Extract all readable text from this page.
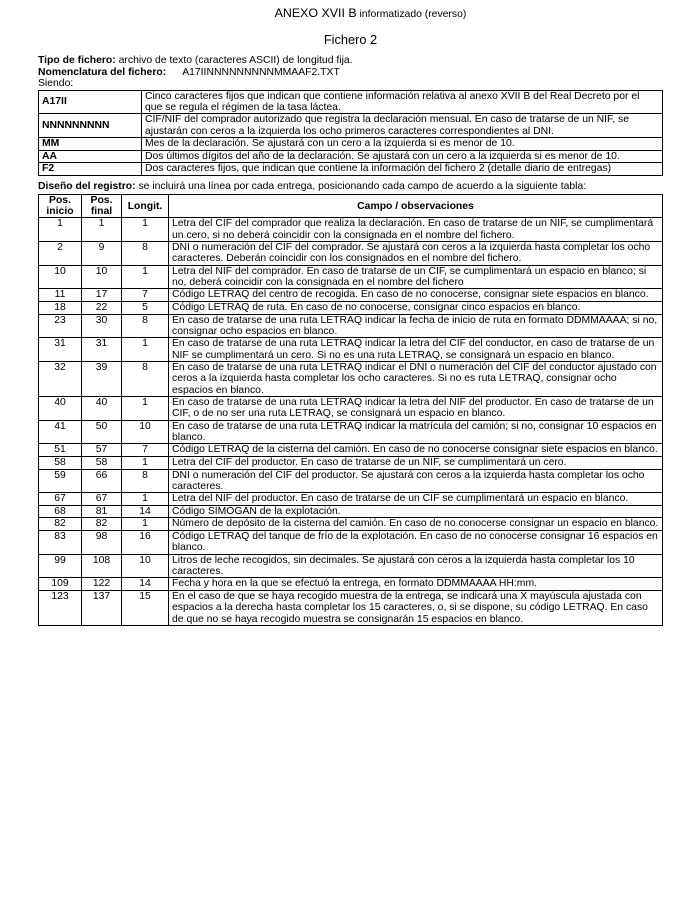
ANEXO XVII B informatizado (reverso)
Fichero 2

Tipo de fichero: archivo de texto (caracteres ASCII) de longitud fija.

Nomenclatura del fichero: A17IINNNNNNNNNMMAAF2.TXT

Siendo:

A17II	Cinco caracteres fijos que indican que contiene información relativa al anexo XVII B del Real Decreto por el que se regula el régimen de la tasa láctea.
NNNNNNNNN	CIF/NIF del comprador autorizado que registra la declaración mensual. En caso de tratarse de un NIF, se ajustarán con ceros a la izquierda los ocho primeros caracteres correspondientes al DNI.
MM	Mes de la declaración. Se ajustará con un cero a la izquierda si es menor de 10.
AA	Dos últimos dígitos del año de la declaración. Se ajustará con un cero a la izquierda si es menor de 10.
F2	Dos caracteres fijos, que indican que contiene la información del fichero 2 (detalle diario de entregas)

Diseño del registro: se incluirá una línea por cada entrega, posicionando cada campo de acuerdo a la siguiente tabla:

Pos. inicio	Pos. final	Longit.	Campo / observaciones
1	1	1	Letra del CIF del comprador que realiza la declaración. En caso de tratarse de un NIF, se cumplimentará un cero, si no deberá coincidir con la consignada en el nombre del fichero.
2	9	8	DNI o numeración del CIF del comprador. Se ajustará con ceros a la izquierda hasta completar los ocho caracteres. Deberán coincidir con los consignados en el nombre del fichero.
10	10	1	Letra del NIF del comprador. En caso de tratarse de un CIF, se cumplimentará un espacio en blanco; si no, deberá coincidir con la consignada en el nombre del fichero
11	17	7	Código LETRAQ del centro de recogida. En caso de no conocerse, consignar siete espacios en blanco.
18	22	5	Código LETRAQ de ruta. En caso de no conocerse, consignar cinco espacios en blanco.
23	30	8	En caso de tratarse de una ruta LETRAQ indicar la fecha de inicio de ruta en formato DDMMAAAA; si no, consignar ocho espacios en blanco.
31	31	1	En caso de tratarse de una ruta LETRAQ indicar la letra del CIF del conductor, en caso de tratarse de un NIF se cumplimentará un cero. Si no es una ruta LETRAQ, se consignará un espacio en blanco.
32	39	8	En caso de tratarse de una ruta LETRAQ indicar el DNI o numeración del CIF del conductor ajustado con ceros a la izquierda hasta completar los ocho caracteres. Si no es ruta LETRAQ, consignar ocho espacios en blanco.
40	40	1	En caso de tratarse de una ruta LETRAQ indicar la letra del NIF del productor. En caso de tratarse de un CIF, o de no ser una ruta LETRAQ, se consignará un espacio en blanco.
41	50	10	En caso de tratarse de una ruta LETRAQ indicar la matrícula del camión; si no, consignar 10 espacios en blanco.
51	57	7	Código LETRAQ de la cisterna del camión. En caso de no conocerse consignar siete espacios en blanco.
58	58	1	Letra del CIF del productor. En caso de tratarse de un NIF, se cumplimentará un cero.
59	66	8	DNI o numeración del CIF del productor. Se ajustará con ceros a la izquierda hasta completar los ocho caracteres.
67	67	1	Letra del NIF del productor. En caso de tratarse de un CIF se cumplimentará un espacio en blanco.
68	81	14	Código SIMOGAN de la explotación.
82	82	1	Número de depósito de la cisterna del camión. En caso de no conocerse consignar un espacio en blanco.
83	98	16	Código LETRAQ del tanque de frío de la explotación. En caso de no conocerse consignar 16 espacios en blanco.
99	108	10	Litros de leche recogidos, sin decimales. Se ajustará con ceros a la izquierda hasta completar los 10 caracteres.
109	122	14	Fecha y hora en la que se efectuó la entrega, en formato DDMMAAAA HH:mm.
123	137	15	En el caso de que se haya recogido muestra de la entrega, se indicará una X mayúscula ajustada con espacios a la derecha hasta completar los 15 caracteres, o, si se dispone, su código LETRAQ. En caso de que no se haya recogido muestra se consignarán 15 espacios en blanco.
